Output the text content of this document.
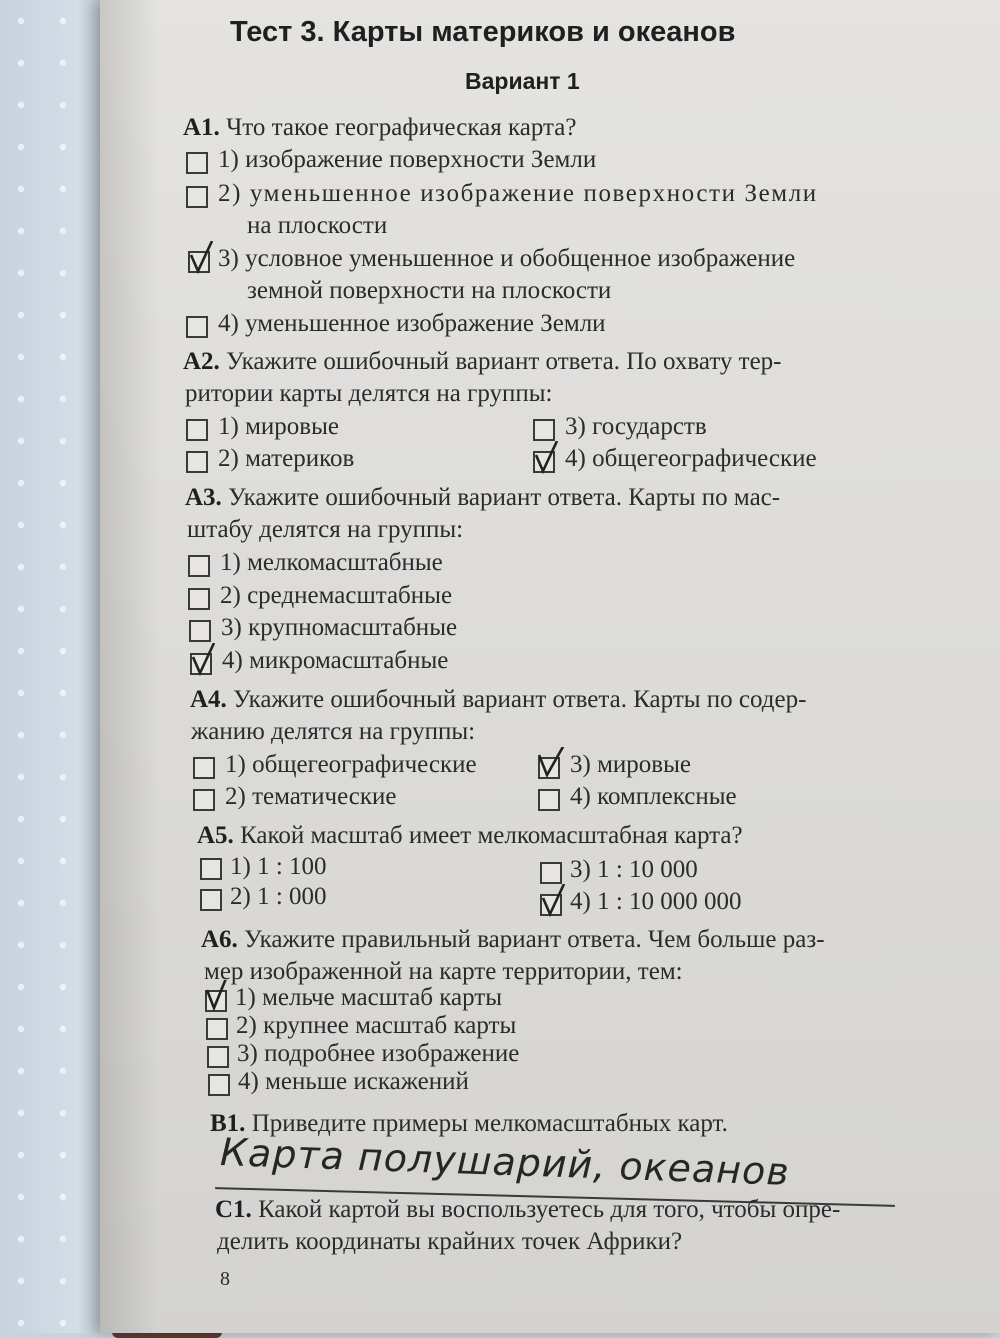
Тест 3. Карты материков и океанов
Вариант 1
А1. Что такое географическая карта?
1) изображение поверхности Земли
2) уменьшенное изображение поверхности Земли
на плоскости
3) условное уменьшенное и обобщенное изображение
земной поверхности на плоскости
4) уменьшенное изображение Земли
А2. Укажите ошибочный вариант ответа. По охвату тер-
ритории карты делятся на группы:
1) мировые	3) государств
2) материков	4) общегеографические
А3. Укажите ошибочный вариант ответа. Карты по мас-
штабу делятся на группы:
1) мелкомасштабные
2) среднемасштабные
3) крупномасштабные
4) микромасштабные
А4. Укажите ошибочный вариант ответа. Карты по содер-
жанию делятся на группы:
1) общегеографические	3) мировые
2) тематические	4) комплексные
А5. Какой масштаб имеет мелкомасштабная карта?
1) 1 : 100	3) 1 : 10 000
2) 1 : 000	4) 1 : 10 000 000
А6. Укажите правильный вариант ответа. Чем больше раз-
мер изображенной на карте территории, тем:
1) мельче масштаб карты
2) крупнее масштаб карты
3) подробнее изображение
4) меньше искажений
В1. Приведите примеры мелкомасштабных карт.
Карта полушарий, океанов
С1. Какой картой вы воспользуетесь для того, чтобы опре-
делить координаты крайних точек Африки?
8
